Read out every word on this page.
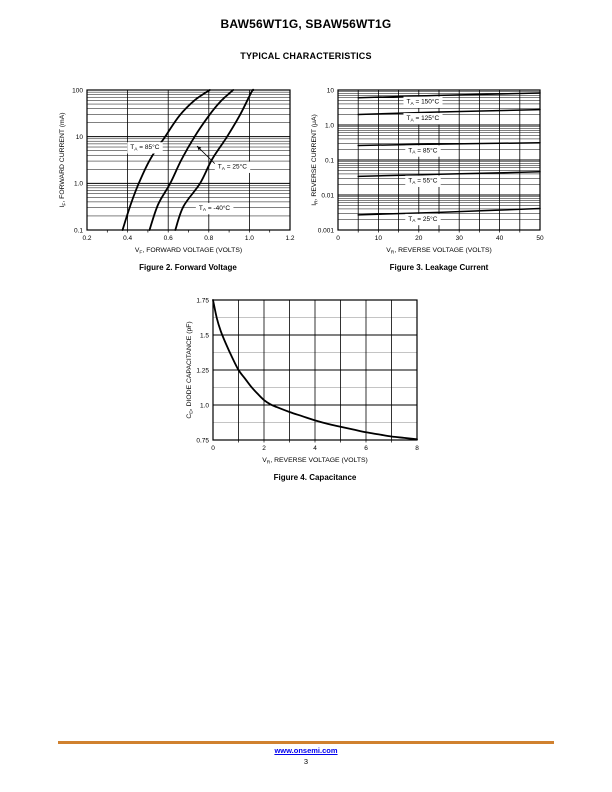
BAW56WT1G, SBAW56WT1G
TYPICAL CHARACTERISTICS
100
10
1.0
0.1
0.2	0.4	0.6	0.8	1.0	1.2
$V_F$, FORWARD VOLTAGE (VOLTS)
$I_F$, FORWARD CURRENT (mA)	$T_A = 85^\circ C$
$T_A = 25^\circ C$
$T_A = -40^\circ C$
10
1.0
0.1
0.01
0.001
0	10	20	30	40	50
$V_R$, REVERSE VOLTAGE (VOLTS)
$I_R$, REVERSE CURRENT (μA)
$T_A = 150^\circ C$
$T_A = 125^\circ C$
$T_A = 85^\circ C$
$T_A = 55^\circ C$
$T_A = 25^\circ C$
1.75
1.5
1.25
1.0
0.75
0	2	4	6	8
$V_R$, REVERSE VOLTAGE (VOLTS)
$C_D$, DIODE CAPACITANCE (pF)
Figure 2. Forward Voltage	Figure 3. Leakage Current
Figure 4. Capacitance
www.onsemi.com
3
